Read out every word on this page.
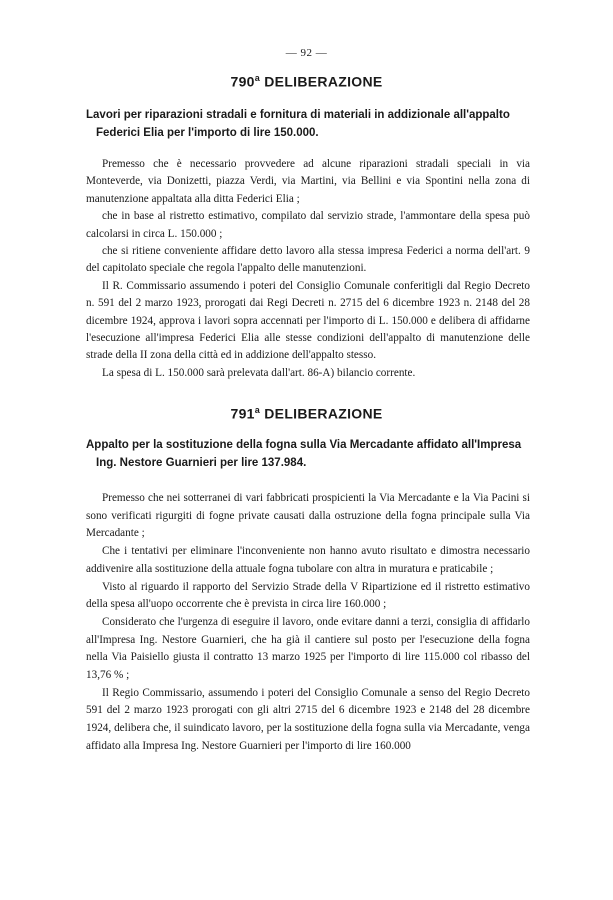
— 92 —
790$^a$ DELIBERAZIONE
Lavori per riparazioni stradali e fornitura di materiali in addizionale all'appalto
Federici Elia per l'importo di lire 150.000.

Premesso che è necessario provvedere ad alcune riparazioni stradali speciali in via Monteverde, via Donizetti, piazza Verdi, via Martini, via Bellini e via Spontini nella zona di manutenzione appaltata alla ditta Federici Elia ;

che in base al ristretto estimativo, compilato dal servizio strade, l'ammontare della spesa può calcolarsi in circa L. 150.000 ;

che si ritiene conveniente affidare detto lavoro alla stessa impresa Federici a norma dell'art. 9 del capitolato speciale che regola l'appalto delle manutenzioni.

Il R. Commissario assumendo i poteri del Consiglio Comunale conferitigli dal Regio Decreto n. 591 del 2 marzo 1923, prorogati dai Regi Decreti n. 2715 del 6 dicembre 1923 n. 2148 del 28 dicembre 1924, approva i lavori sopra accennati per l'importo di L. 150.000 e delibera di affidarne l'esecuzione all'impresa Federici Elia alle stesse condizioni dell'appalto di manutenzione delle strade della II zona della città ed in addizione dell'appalto stesso.

La spesa di L. 150.000 sarà prelevata dall'art. 86-A) bilancio corrente.

791$^a$ DELIBERAZIONE
Appalto per la sostituzione della fogna sulla Via Mercadante affidato all'Impresa
Ing. Nestore Guarnieri per lire 137.984.

Premesso che nei sotterranei di vari fabbricati prospicienti la Via Mercadante e la Via Pacini si sono verificati rigurgiti di fogne private causati dalla ostruzione della fogna principale sulla Via Mercadante ;

Che i tentativi per eliminare l'inconveniente non hanno avuto risultato e dimostra necessario addivenire alla sostituzione della attuale fogna tubolare con altra in muratura e praticabile ;

Visto al riguardo il rapporto del Servizio Strade della V Ripartizione ed il ristretto estimativo della spesa all'uopo occorrente che è prevista in circa lire 160.000 ;

Considerato che l'urgenza di eseguire il lavoro, onde evitare danni a terzi, consiglia di affidarlo all'Impresa Ing. Nestore Guarnieri, che ha già il cantiere sul posto per l'esecuzione della fogna nella Via Paisiello giusta il contratto 13 marzo 1925 per l'importo di lire 115.000 col ribasso del 13,76 % ;

Il Regio Commissario, assumendo i poteri del Consiglio Comunale a senso del Regio Decreto 591 del 2 marzo 1923 prorogati con gli altri 2715 del 6 dicembre 1923 e 2148 del 28 dicembre 1924, delibera che, il suindicato lavoro, per la sostituzione della fogna sulla via Mercadante, venga affidato alla Impresa Ing. Nestore Guarnieri per l'importo di lire 160.000
